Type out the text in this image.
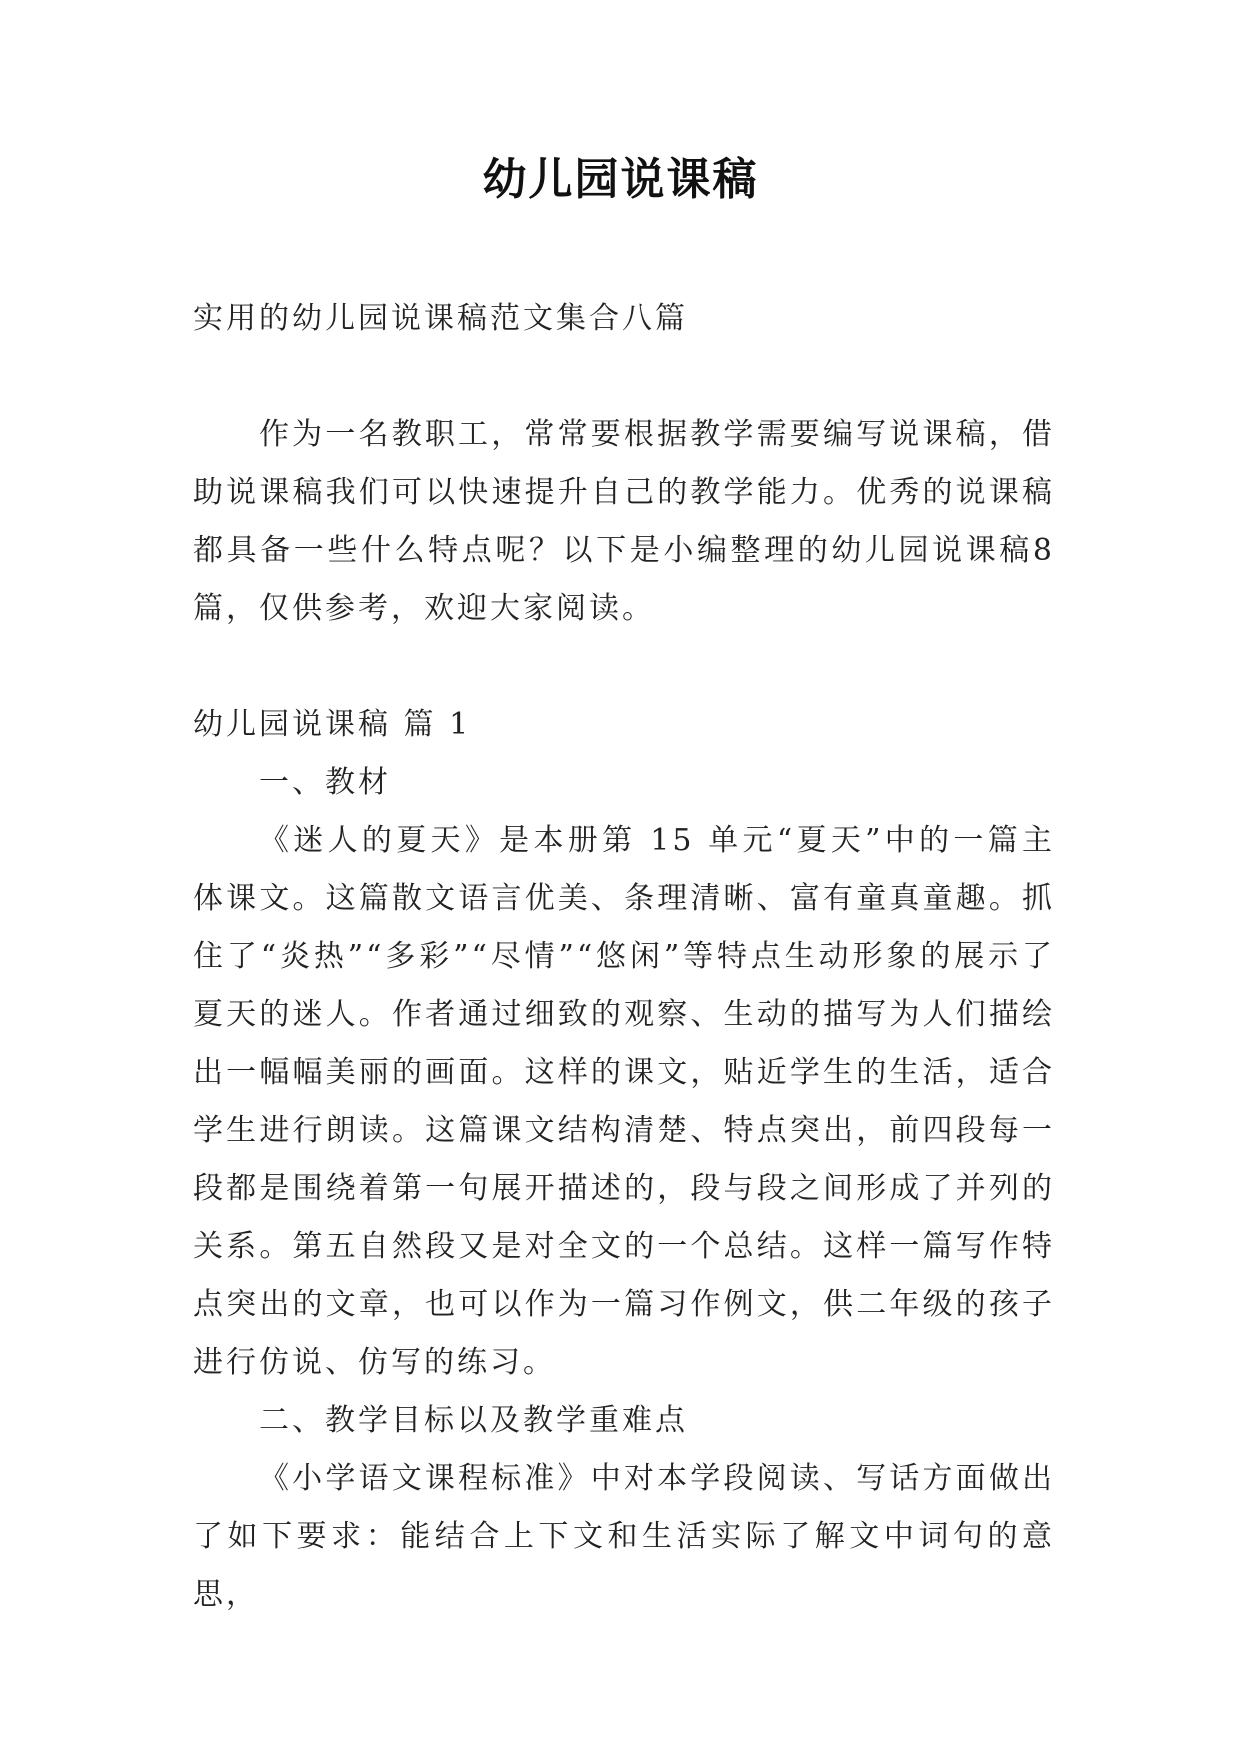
幼儿园说课稿

实用的幼儿园说课稿范文集合八篇

作为一名教职工，常常要根据教学需要编写说课稿，借助说课稿我们可以快速提升自己的教学能力。优秀的说课稿都具备一些什么特点呢？以下是小编整理的幼儿园说课稿8篇，仅供参考，欢迎大家阅读。

幼儿园说课稿 篇 1

一、教材

《迷人的夏天》是本册第 15 单元“夏天”中的一篇主体课文。这篇散文语言优美、条理清晰、富有童真童趣。抓住了“炎热”“多彩”“尽情”“悠闲”等特点生动形象的展示了夏天的迷人。作者通过细致的观察、生动的描写为人们描绘出一幅幅美丽的画面。这样的课文，贴近学生的生活，适合学生进行朗读。这篇课文结构清楚、特点突出，前四段每一段都是围绕着第一句展开描述的，段与段之间形成了并列的关系。第五自然段又是对全文的一个总结。这样一篇写作特点突出的文章，也可以作为一篇习作例文，供二年级的孩子进行仿说、仿写的练习。

二、教学目标以及教学重难点

《小学语文课程标准》中对本学段阅读、写话方面做出了如下要求：能结合上下文和生活实际了解文中词句的意思，
